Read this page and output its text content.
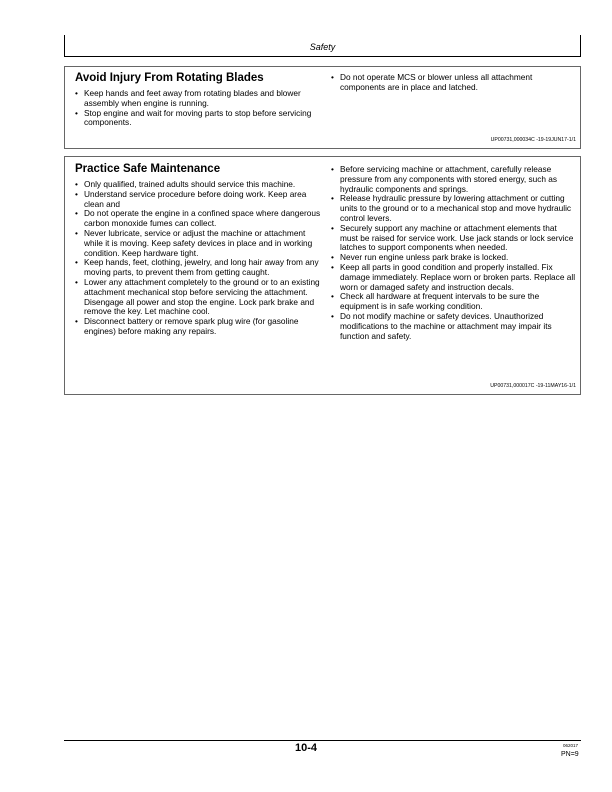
Safety
Avoid Injury From Rotating Blades
• Keep hands and feet away from rotating blades and blower assembly when engine is running.
• Stop engine and wait for moving parts to stop before servicing components.
• Do not operate MCS or blower unless all attachment components are in place and latched.
UP00731,000034C -19-19JUN17-1/1
Practice Safe Maintenance
• Only qualified, trained adults should service this machine.
• Understand service procedure before doing work. Keep area clean and
• Do not operate the engine in a confined space where dangerous carbon monoxide fumes can collect.
• Never lubricate, service or adjust the machine or attachment while it is moving. Keep safety devices in place and in working condition. Keep hardware tight.
• Keep hands, feet, clothing, jewelry, and long hair away from any moving parts, to prevent them from getting caught.
• Lower any attachment completely to the ground or to an existing attachment mechanical stop before servicing the attachment. Disengage all power and stop the engine. Lock park brake and remove the key. Let machine cool.
• Disconnect battery or remove spark plug wire (for gasoline engines) before making any repairs.
• Before servicing machine or attachment, carefully release pressure from any components with stored energy, such as hydraulic components and springs.
• Release hydraulic pressure by lowering attachment or cutting units to the ground or to a mechanical stop and move hydraulic control levers.
• Securely support any machine or attachment elements that must be raised for service work. Use jack stands or lock service latches to support components when needed.
• Never run engine unless park brake is locked.
• Keep all parts in good condition and properly installed. Fix damage immediately. Replace worn or broken parts. Replace all worn or damaged safety and instruction decals.
• Check all hardware at frequent intervals to be sure the equipment is in safe working condition.
• Do not modify machine or safety devices. Unauthorized modifications to the machine or attachment may impair its function and safety.
UP00731,000017C -19-11MAY16-1/1
10-4	062017
PN=9
